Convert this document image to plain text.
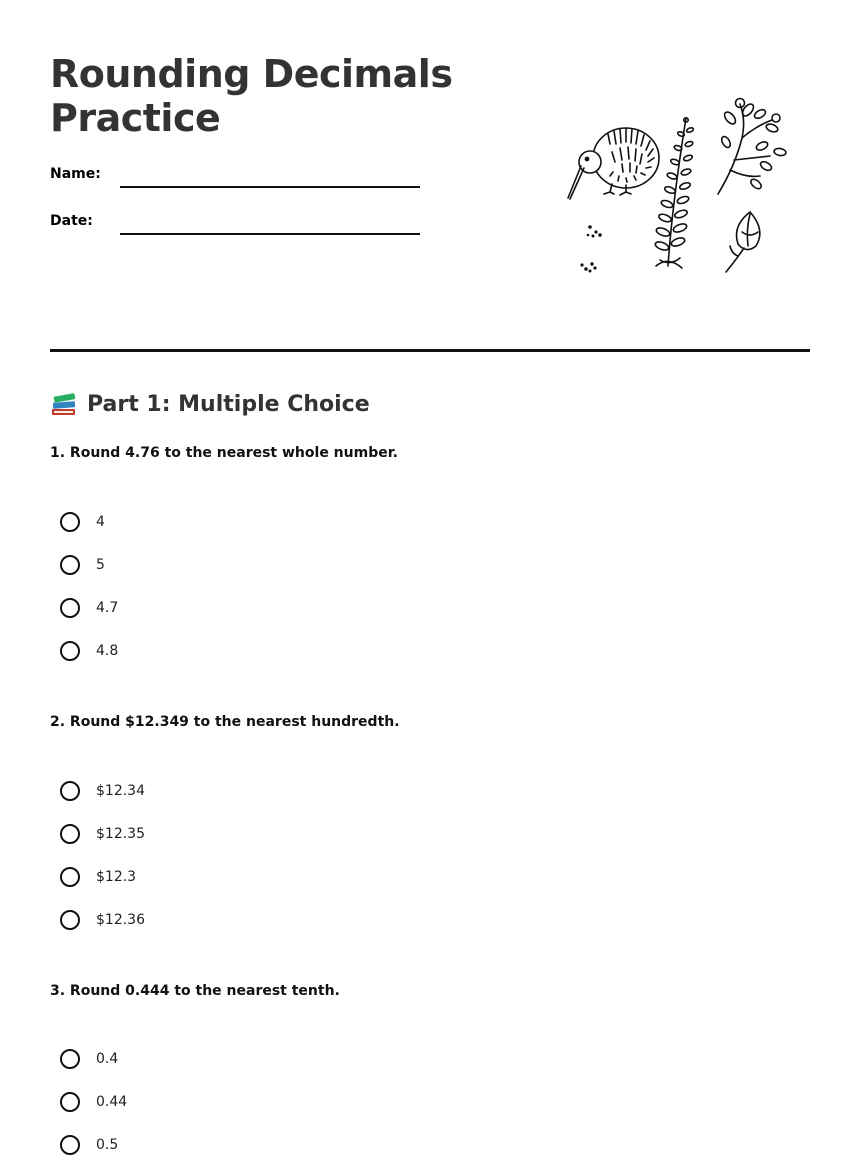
Rounding Decimals Practice
Name:
Date:
Part 1: Multiple Choice

1. Round 4.76 to the nearest whole number.

4
5
4.7
4.8

2. Round $12.349 to the nearest hundredth.

$12.34
$12.35
$12.3
$12.36

3. Round 0.444 to the nearest tenth.

0.4
0.44
0.5
